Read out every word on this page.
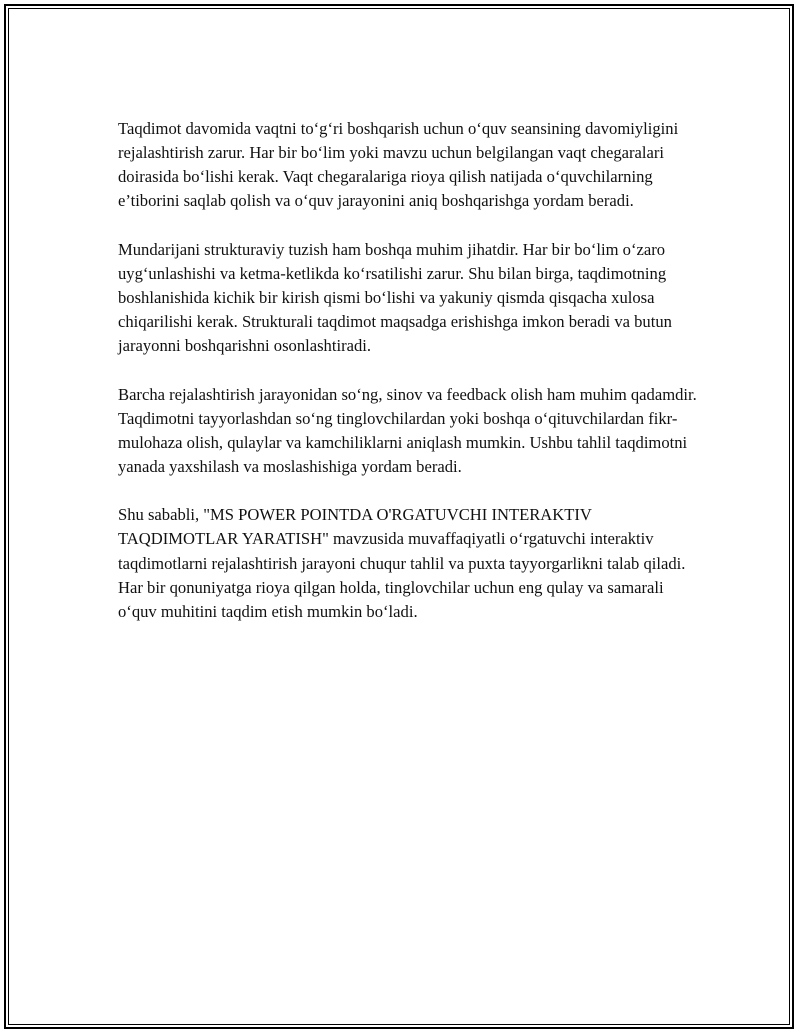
Taqdimot davomida vaqtni to‘g‘ri boshqarish uchun o‘quv seansining davomiyligini rejalashtirish zarur. Har bir bo‘lim yoki mavzu uchun belgilangan vaqt chegaralari doirasida bo‘lishi kerak. Vaqt chegaralariga rioya qilish natijada o‘quvchilarning e’tiborini saqlab qolish va o‘quv jarayonini aniq boshqarishga yordam beradi.

Mundarijani strukturaviy tuzish ham boshqa muhim jihatdir. Har bir bo‘lim o‘zaro uyg‘unlashishi va ketma-ketlikda ko‘rsatilishi zarur. Shu bilan birga, taqdimotning boshlanishida kichik bir kirish qismi bo‘lishi va yakuniy qismda qisqacha xulosa chiqarilishi kerak. Strukturali taqdimot maqsadga erishishga imkon beradi va butun jarayonni boshqarishni osonlashtiradi.

Barcha rejalashtirish jarayonidan so‘ng, sinov va feedback olish ham muhim qadamdir. Taqdimotni tayyorlashdan so‘ng tinglovchilardan yoki boshqa o‘qituvchilardan fikr-mulohaza olish, qulaylar va kamchiliklarni aniqlash mumkin. Ushbu tahlil taqdimotni yanada yaxshilash va moslashishiga yordam beradi.

Shu sababli, "MS POWER POINTDA O'RGATUVCHI INTERAKTIV TAQDIMOTLAR YARATISH" mavzusida muvaffaqiyatli o‘rgatuvchi interaktiv taqdimotlarni rejalashtirish jarayoni chuqur tahlil va puxta tayyorgarlikni talab qiladi. Har bir qonuniyatga rioya qilgan holda, tinglovchilar uchun eng qulay va samarali o‘quv muhitini taqdim etish mumkin bo‘ladi.
